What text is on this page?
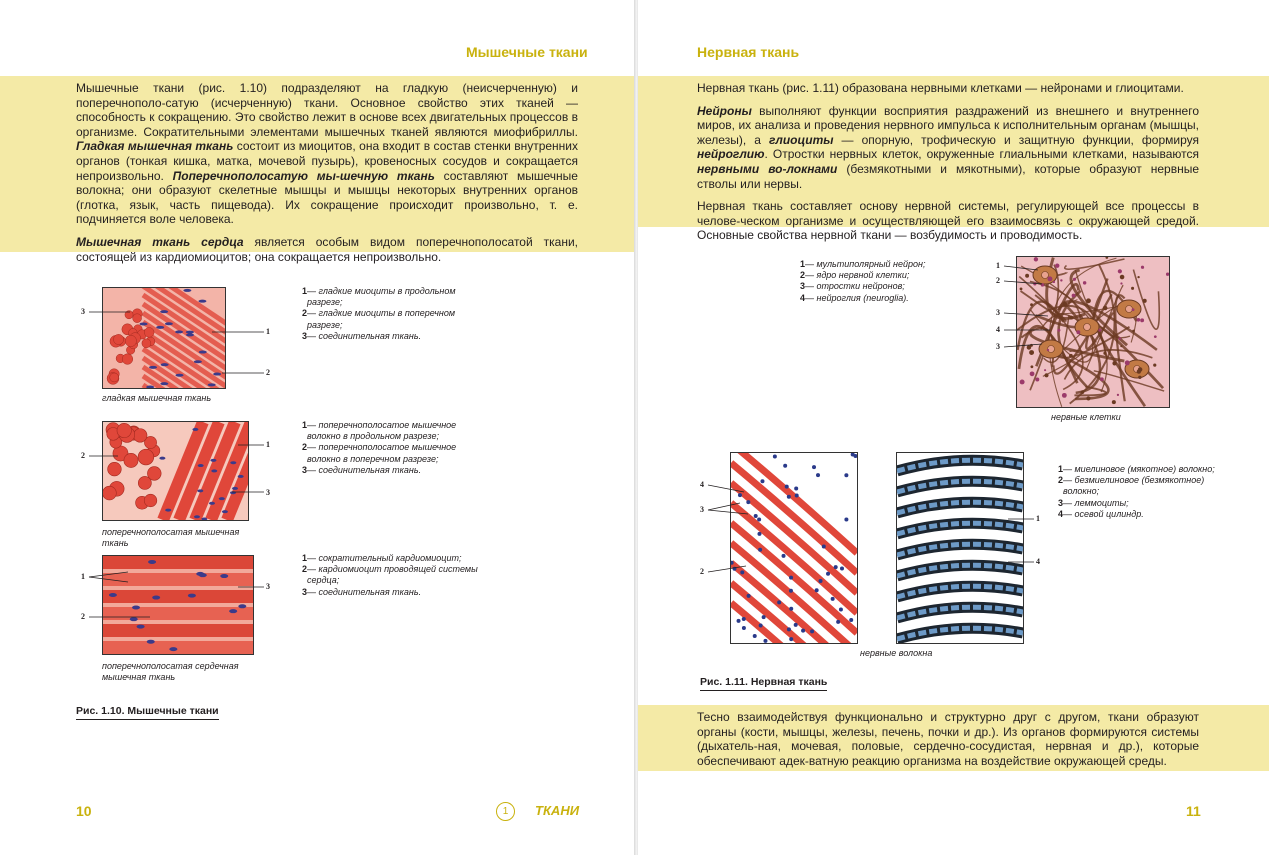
Мышечные ткани

Мышечные ткани (рис. 1.10) подразделяют на гладкую (неисчерченную) и поперечнополо-сатую (исчерченную) ткани. Основное свойство этих тканей — способность к сокращению. Это свойство лежит в основе всех двигательных процессов в организме. Сократительными элементами мышечных тканей являются миофибриллы. Гладкая мышечная ткань состоит из миоцитов, она входит в состав стенки внутренних органов (тонкая кишка, матка, мочевой пузырь), кровеносных сосудов и сокращается непроизвольно. Поперечнополосатую мы-шечную ткань составляют мышечные волокна; они образуют скелетные мышцы и мышцы некоторых внутренних органов (глотка, язык, часть пищевода). Их сокращение происходит произвольно, т. е. подчиняется воле человека.

Мышечная ткань сердца является особым видом поперечнополосатой ткани, состоящей из кардиомиоцитов; она сокращается непроизвольно.

3
1
2
гладкая мышечная ткань
1 — гладкие миоциты в продольном разрезе;
2 — гладкие миоциты в поперечном разрезе;
3 — соединительная ткань.
2
1
3
поперечнополосатая мышечная ткань
1 — поперечнополосатое мышечное волокно в продольном разрезе;
2 — поперечнополосатое мышечное волокно в поперечном разрезе;
3 — соединительная ткань.
1
3
2
поперечнополосатая сердечная мышечная ткань
1 — сократительный кардиомиоцит;
2 — кардиомиоцит проводящей системы сердца;
3 — соединительная ткань.
Рис. 1.10. Мышечные ткани
10	1	ТКАНИ
Нервная ткань

Нервная ткань (рис. 1.11) образована нервными клетками — нейронами и глиоцитами.

Нейроны выполняют функции восприятия раздражений из внешнего и внутреннего миров, их анализа и проведения нервного импульса к исполнительным органам (мышцы, железы), а глиоциты — опорную, трофическую и защитную функции, формируя нейроглию. Отростки нервных клеток, окруженные глиальными клетками, называются нервными во-локнами (безмякотными и мякотными), которые образуют нервные стволы или нервы.

Нервная ткань составляет основу нервной системы, регулирующей все процессы в челове-ческом организме и осуществляющей его взаимосвязь с окружающей средой. Основные свойства нервной ткани — возбудимость и проводимость.

1 — мультиполярный нейрон;
2 — ядро нервной клетки;
3 — отростки нейронов;
4 — нейроглия (neuroglia).
1
2
3
4
3
нервные клетки
4
3
2
1
4
нервные волокна
1 — миелиновое (мякотное) волокно;
2 — безмиелиновое (безмякотное) волокно;
3 — леммоциты;
4 — осевой цилиндр.
Рис. 1.11. Нервная ткань
Тесно взаимодействуя функционально и структурно друг с другом, ткани образуют органы (кости, мышцы, железы, печень, почки и др.). Из органов формируются системы (дыхатель-ная, мочевая, половые, сердечно-сосудистая, нервная и др.), которые обеспечивают адек-ватную реакцию организма на воздействие окружающей среды.
11
